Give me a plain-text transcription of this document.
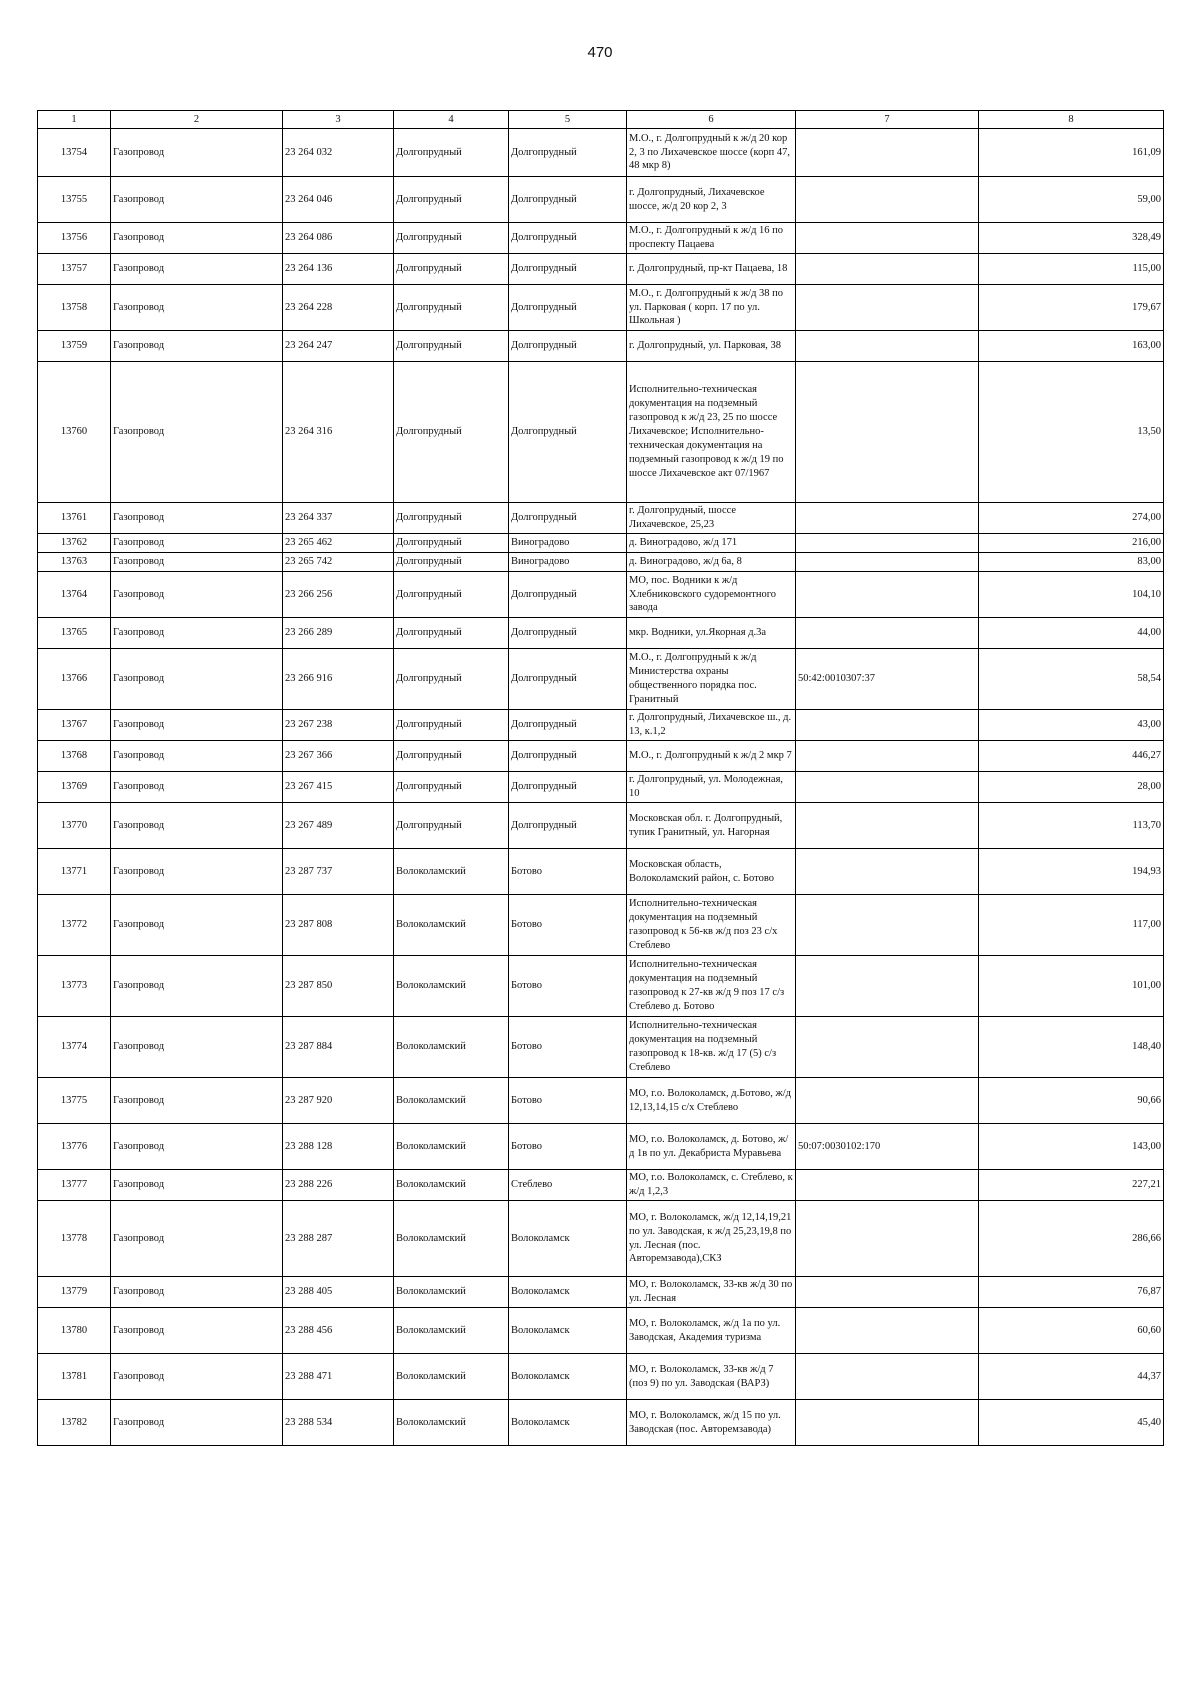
470
1	2	3	4	5	6	7	8
13754	Газопровод	23 264 032	Долгопрудный	Долгопрудный	М.О., г. Долгопрудный к ж/д 20 кор 2, 3 по Лихачевское шоссе (корп 47, 48 мкр 8)		161,09
13755	Газопровод	23 264 046	Долгопрудный	Долгопрудный	г. Долгопрудный, Лихачевское шоссе, ж/д 20 кор 2, 3		59,00
13756	Газопровод	23 264 086	Долгопрудный	Долгопрудный	М.О., г. Долгопрудный к ж/д 16 по проспекту Пацаева		328,49
13757	Газопровод	23 264 136	Долгопрудный	Долгопрудный	г. Долгопрудный, пр-кт Пацаева, 18		115,00
13758	Газопровод	23 264 228	Долгопрудный	Долгопрудный	М.О., г. Долгопрудный к ж/д 38 по ул. Парковая ( корп. 17 по ул. Школьная )		179,67
13759	Газопровод	23 264 247	Долгопрудный	Долгопрудный	г. Долгопрудный, ул. Парковая, 38		163,00
13760	Газопровод	23 264 316	Долгопрудный	Долгопрудный	Исполнительно-техническая документация на подземный газопровод к ж/д 23, 25 по шоссе Лихачевское; Исполнительно-техническая документация на подземный газопровод к ж/д 19 по шоссе Лихачевское акт 07/1967		13,50
13761	Газопровод	23 264 337	Долгопрудный	Долгопрудный	г. Долгопрудный, шоссе Лихачевское, 25,23		274,00
13762	Газопровод	23 265 462	Долгопрудный	Виноградово	д. Виноградово, ж/д 171		216,00
13763	Газопровод	23 265 742	Долгопрудный	Виноградово	д. Виноградово, ж/д 6а, 8		83,00
13764	Газопровод	23 266 256	Долгопрудный	Долгопрудный	МО, пос. Водники к ж/д Хлебниковского судоремонтного завода		104,10
13765	Газопровод	23 266 289	Долгопрудный	Долгопрудный	мкр. Водники, ул.Якорная д.3а		44,00
13766	Газопровод	23 266 916	Долгопрудный	Долгопрудный	М.О., г. Долгопрудный к ж/д Министерства охраны общественного порядка пос. Гранитный	50:42:0010307:37	58,54
13767	Газопровод	23 267 238	Долгопрудный	Долгопрудный	г. Долгопрудный, Лихачевское ш., д. 13, к.1,2		43,00
13768	Газопровод	23 267 366	Долгопрудный	Долгопрудный	М.О., г. Долгопрудный к ж/д 2 мкр 7		446,27
13769	Газопровод	23 267 415	Долгопрудный	Долгопрудный	г. Долгопрудный, ул. Молодежная, 10		28,00
13770	Газопровод	23 267 489	Долгопрудный	Долгопрудный	Московская обл. г. Долгопрудный, тупик Гранитный, ул. Нагорная		113,70
13771	Газопровод	23 287 737	Волоколамский	Ботово	Московская область, Волоколамский район, с. Ботово		194,93
13772	Газопровод	23 287 808	Волоколамский	Ботово	Исполнительно-техническая документация на подземный газопровод к 56-кв ж/д поз 23 с/х Стеблево		117,00
13773	Газопровод	23 287 850	Волоколамский	Ботово	Исполнительно-техническая документация на подземный газопровод к 27-кв ж/д 9 поз 17 с/з Стеблево д. Ботово		101,00
13774	Газопровод	23 287 884	Волоколамский	Ботово	Исполнительно-техническая документация на подземный газопровод к 18-кв. ж/д 17 (5) с/з Стеблево		148,40
13775	Газопровод	23 287 920	Волоколамский	Ботово	МО, г.о. Волоколамск, д.Ботово, ж/д 12,13,14,15 с/х Стеблево		90,66
13776	Газопровод	23 288 128	Волоколамский	Ботово	МО, г.о. Волоколамск, д. Ботово, ж/д 1в по ул. Декабриста Муравьева	50:07:0030102:170	143,00
13777	Газопровод	23 288 226	Волоколамский	Стеблево	МО, г.о. Волоколамск, с. Стеблево, к ж/д 1,2,3		227,21
13778	Газопровод	23 288 287	Волоколамский	Волоколамск	МО, г. Волоколамск, ж/д 12,14,19,21 по ул. Заводская, к ж/д 25,23,19,8 по ул. Лесная (пос. Авторемзавода),СКЗ		286,66
13779	Газопровод	23 288 405	Волоколамский	Волоколамск	МО, г. Волоколамск, 33-кв ж/д 30 по ул. Лесная		76,87
13780	Газопровод	23 288 456	Волоколамский	Волоколамск	МО, г. Волоколамск, ж/д 1а по ул. Заводская, Академия туризма		60,60
13781	Газопровод	23 288 471	Волоколамский	Волоколамск	МО, г. Волоколамск, 33-кв ж/д 7 (поз 9) по ул. Заводская (ВАРЗ)		44,37
13782	Газопровод	23 288 534	Волоколамский	Волоколамск	МО, г. Волоколамск, ж/д 15 по ул. Заводская (пос. Авторемзавода)		45,40
